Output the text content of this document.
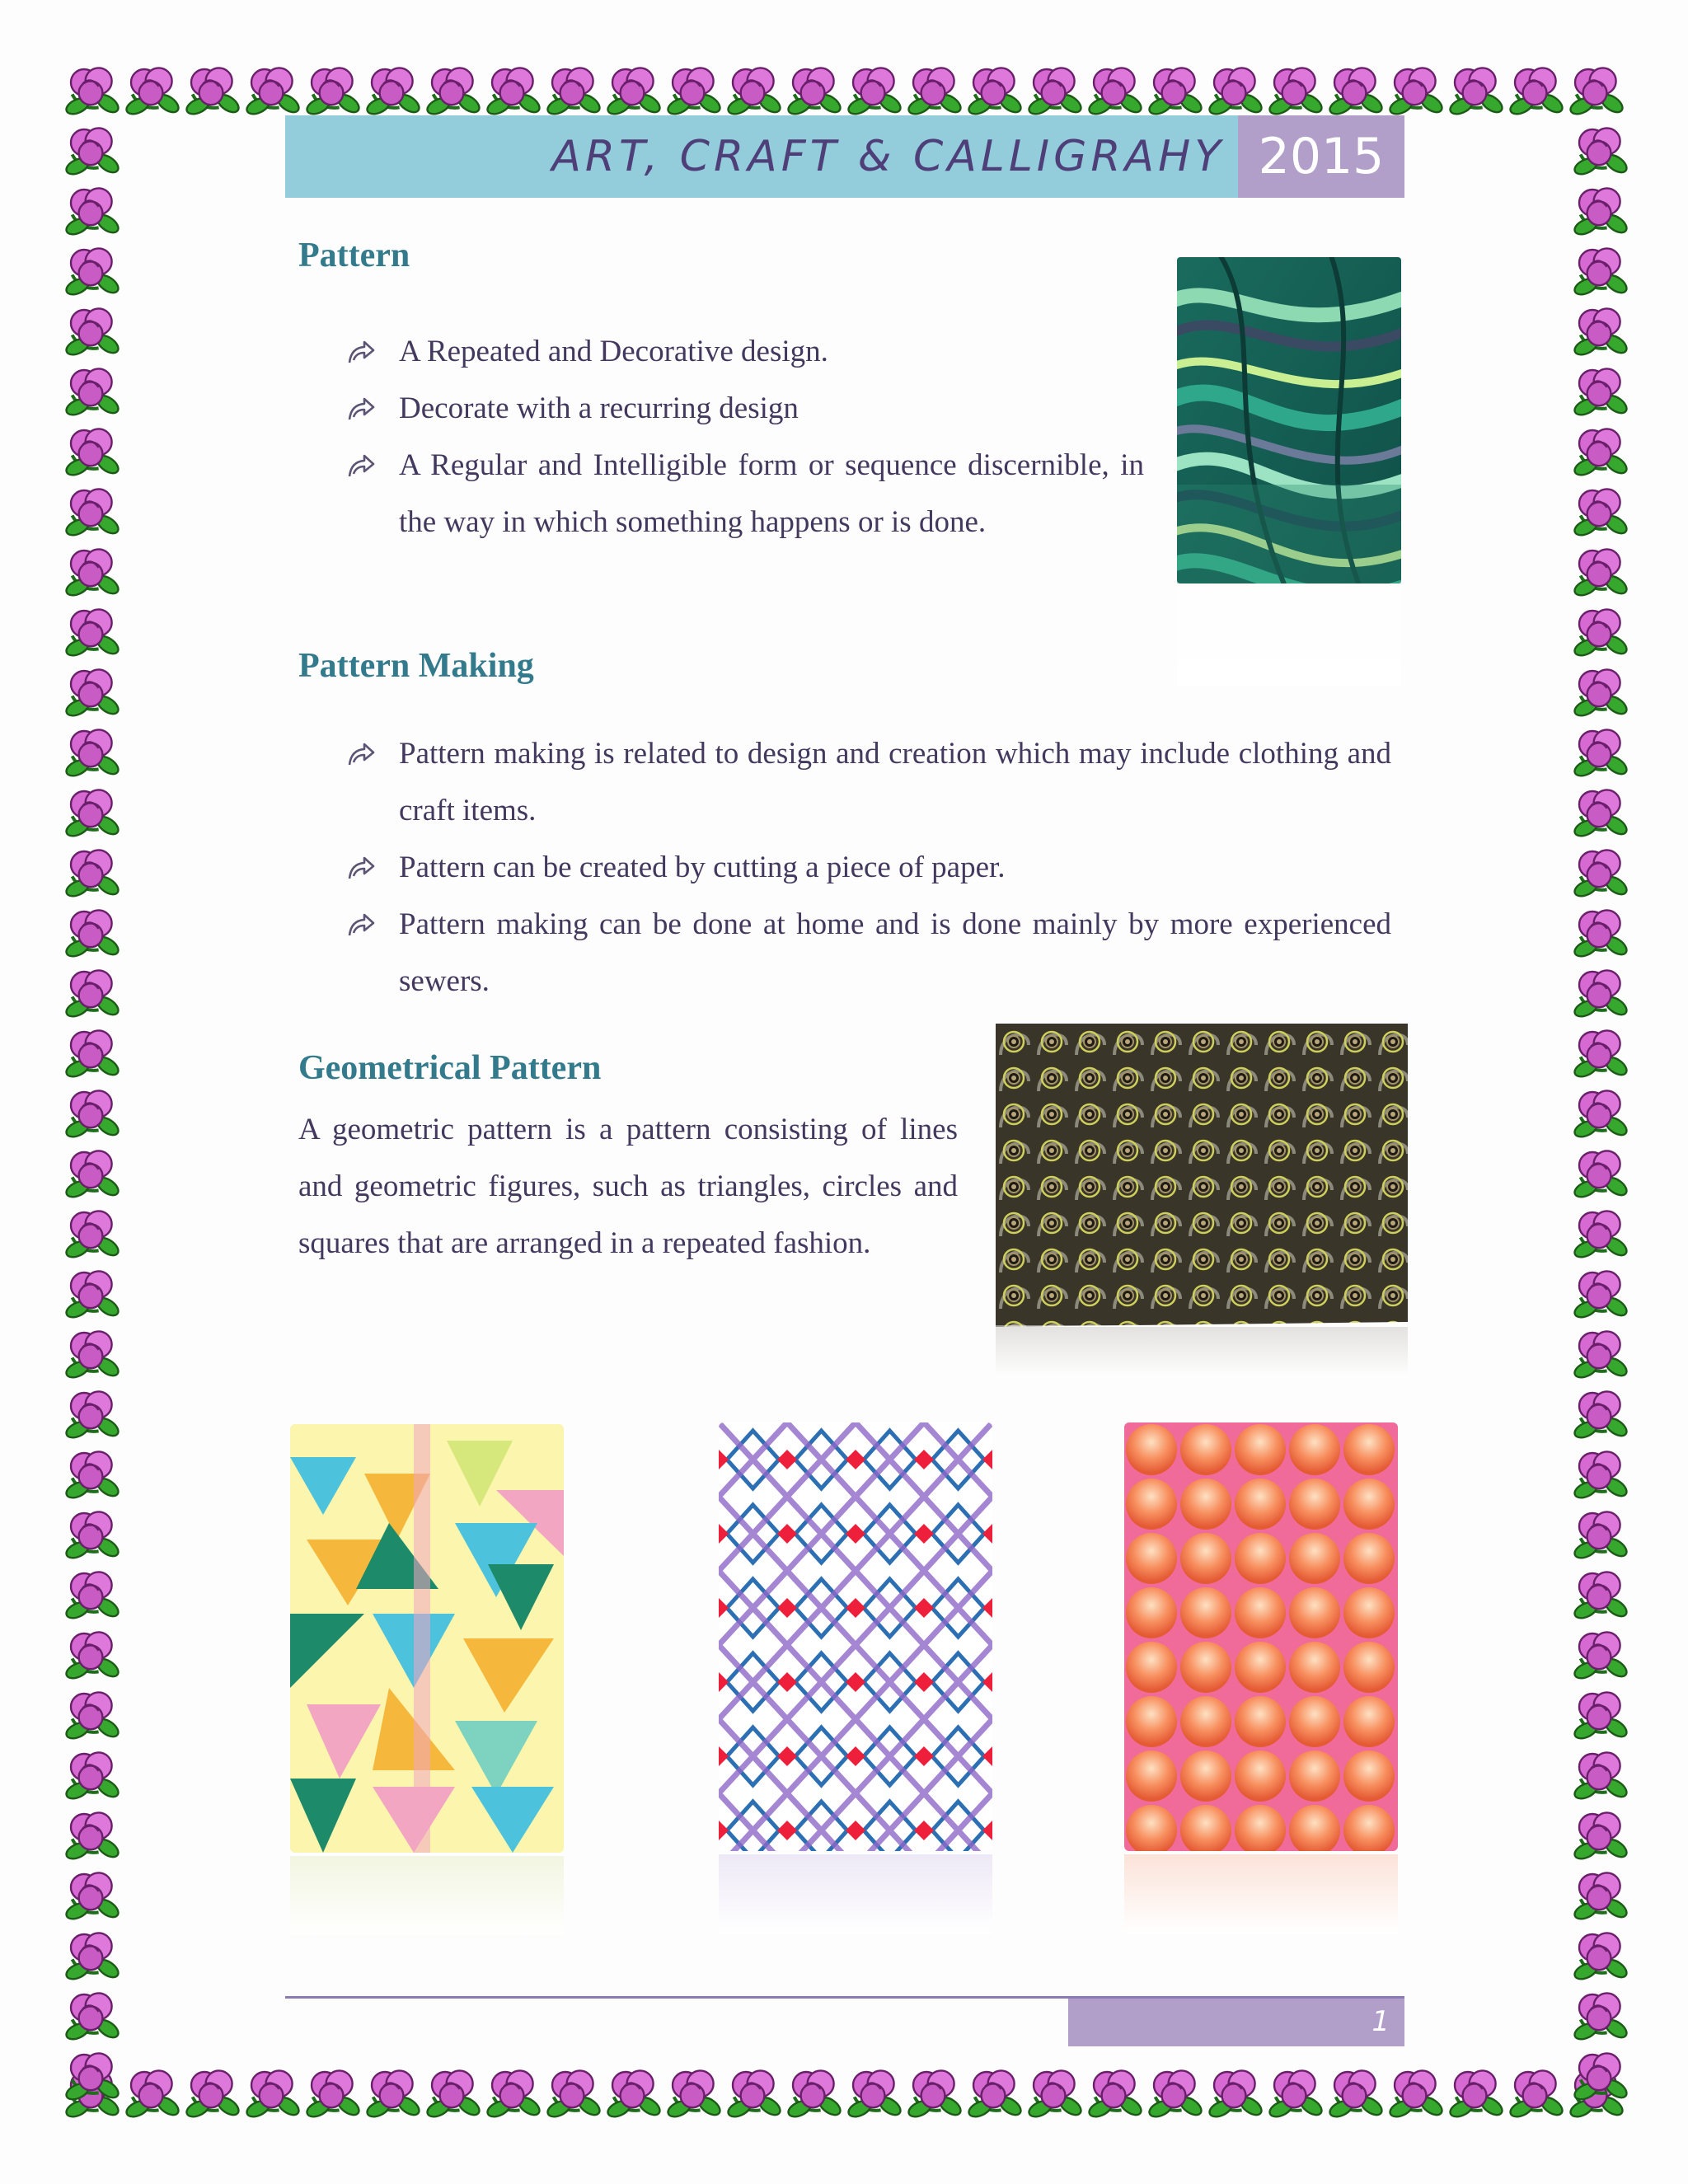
ART, CRAFT & CALLIGRAHY 2015
Pattern
A Repeated and Decorative design.
Decorate with a recurring design
A Regular and Intelligible form or sequence discernible, in the way in which something happens or is done.
Pattern Making
Pattern making is related to design and creation which may include clothing and craft items.
Pattern can be created by cutting a piece of paper.
Pattern making can be done at home and is done mainly by more experienced sewers.
Geometrical Pattern

A geometric pattern is a pattern consisting of lines and geometric figures, such as triangles, circles and squares that are arranged in a repeated fashion.

1
